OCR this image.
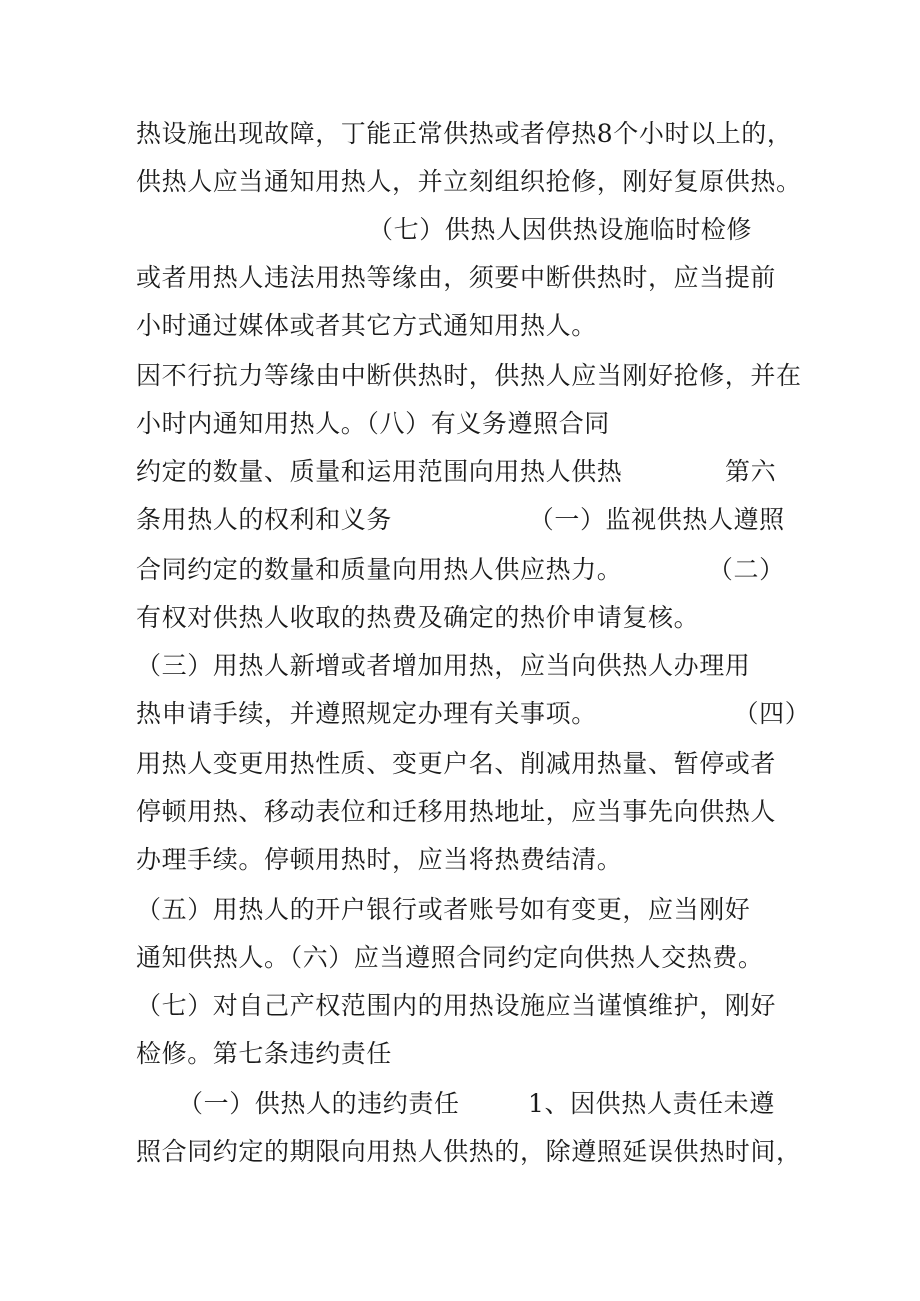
热设施出现故障，丁能正常供热或者停热8个小时以上的，
供热人应当通知用热人，并立刻组织抢修，刚好复原供热。
（七）供热人因供热设施临时检修
或者用热人违法用热等缘由，须要中断供热时，应当提前
小时通过媒体或者其它方式通知用热人。
因不行抗力等缘由中断供热时，供热人应当刚好抢修，并在
小时内通知用热人。（八）有义务遵照合同
约定的数量、质量和运用范围向用热人供热            第六
条用热人的权利和义务                （一）监视供热人遵照
合同约定的数量和质量向用热人供应热力。          （二）
有权对供热人收取的热费及确定的热价申请复核。
（三）用热人新增或者增加用热，应当向供热人办理用
热申请手续，并遵照规定办理有关事项。                （四）
用热人变更用热性质、变更户名、削减用热量、暂停或者
停顿用热、移动表位和迁移用热地址，应当事先向供热人
办理手续。停顿用热时，应当将热费结清。
（五）用热人的开户银行或者账号如有变更，应当刚好
通知供热人。（六）应当遵照合同约定向供热人交热费。
（七）对自己产权范围内的用热设施应当谨慎维护，刚好
检修。第七条违约责任
（一）供热人的违约责任        1、因供热人责任未遵
照合同约定的期限向用热人供热的，除遵照延误供热时间，
